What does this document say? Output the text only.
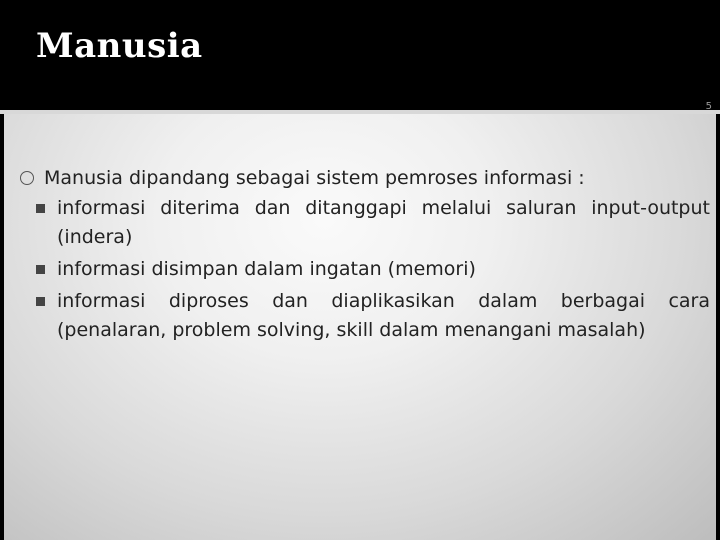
Manusia
5
Manusia dipandang sebagai sistem pemroses informasi :
informasi diterima dan ditanggapi melalui saluran input-output (indera)
informasi disimpan dalam ingatan (memori)
informasi diproses dan diaplikasikan dalam berbagai cara (penalaran, problem solving, skill dalam menangani masalah)
